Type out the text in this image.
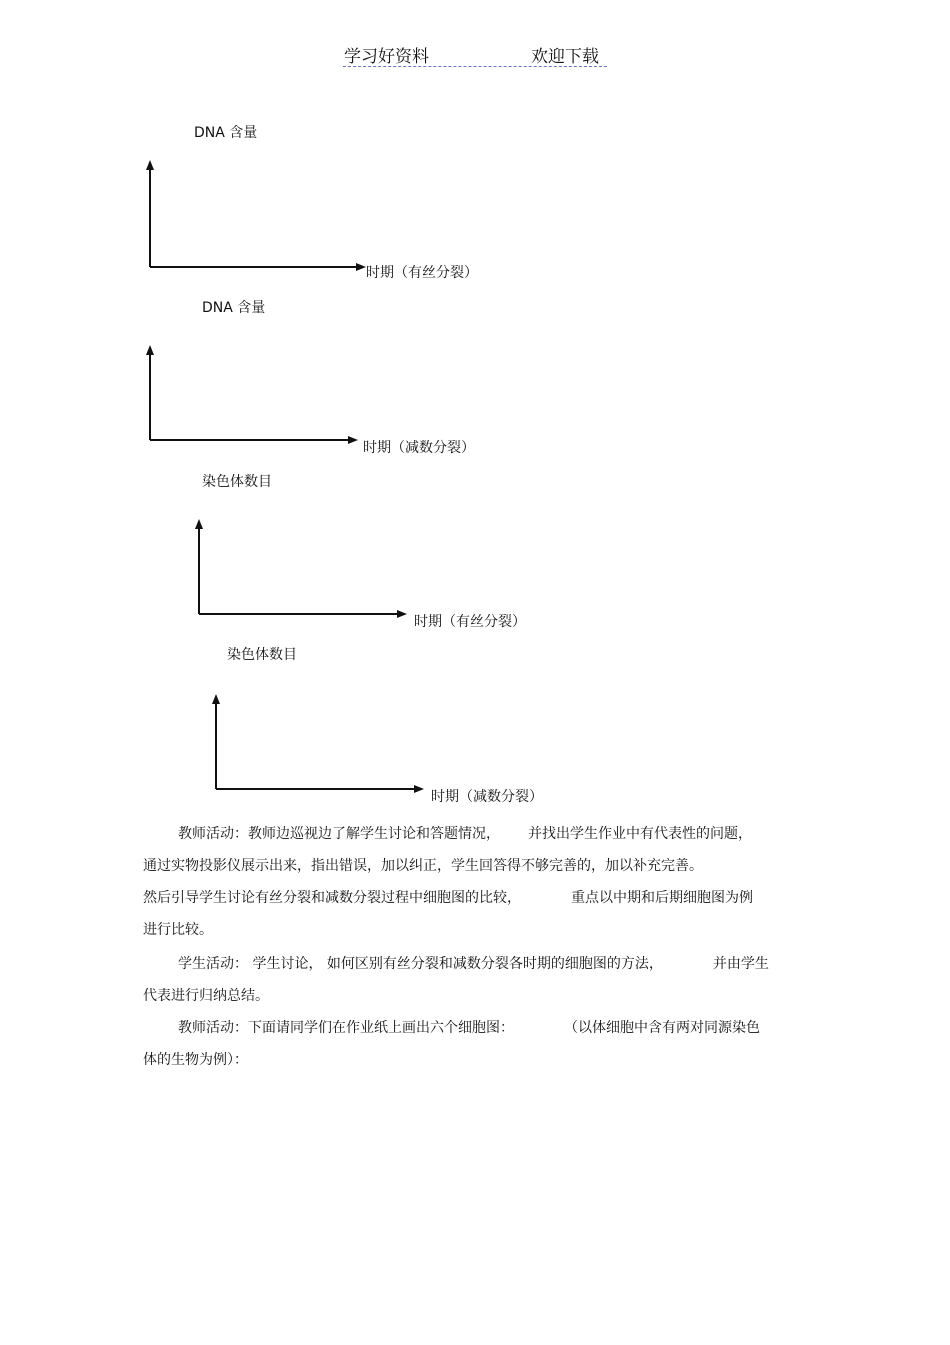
学习好资料	欢迎下载
DNA 含量
时期（有丝分裂）
DNA 含量
时期（减数分裂）
染色体数目
时期（有丝分裂）
染色体数目
时期（减数分裂）
教师活动：教师边巡视边了解学生讨论和答题情况， 并找出学生作业中有代表性的问题，
通过实物投影仪展示出来，指出错误，加以纠正，学生回答得不够完善的，加以补充完善。
然后引导学生讨论有丝分裂和减数分裂过程中细胞图的比较，	重点以中期和后期细胞图为例
进行比较。
学生活动： 学生讨论， 如何区别有丝分裂和减数分裂各时期的细胞图的方法，	并由学生
代表进行归纳总结。
教师活动：下面请同学们在作业纸上画出六个细胞图：	（以体细胞中含有两对同源染色
体的生物为例）：
